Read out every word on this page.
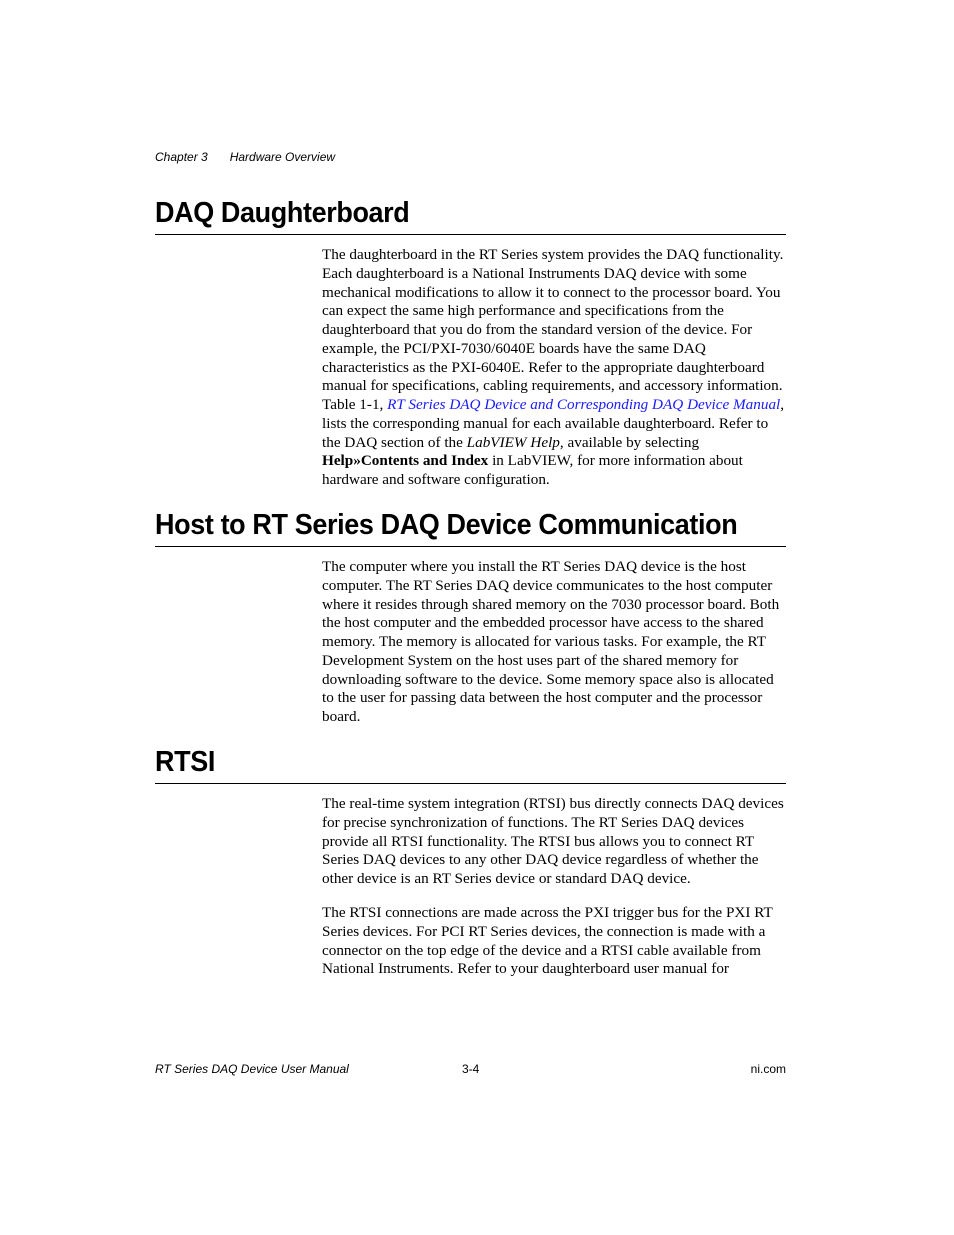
Chapter 3 Hardware Overview
DAQ Daughterboard

The daughterboard in the RT Series system provides the DAQ functionality. Each daughterboard is a National Instruments DAQ device with some mechanical modifications to allow it to connect to the processor board. You can expect the same high performance and specifications from the daughterboard that you do from the standard version of the device. For example, the PCI/PXI-7030/6040E boards have the same DAQ characteristics as the PXI-6040E. Refer to the appropriate daughterboard manual for specifications, cabling requirements, and accessory information. Table 1-1, RT Series DAQ Device and Corresponding DAQ Device Manual, lists the corresponding manual for each available daughterboard. Refer to the DAQ section of the LabVIEW Help, available by selecting Help»Contents and Index in LabVIEW, for more information about hardware and software configuration.

Host to RT Series DAQ Device Communication

The computer where you install the RT Series DAQ device is the host computer. The RT Series DAQ device communicates to the host computer where it resides through shared memory on the 7030 processor board. Both the host computer and the embedded processor have access to the shared memory. The memory is allocated for various tasks. For example, the RT Development System on the host uses part of the shared memory for downloading software to the device. Some memory space also is allocated to the user for passing data between the host computer and the processor board.

RTSI

The real-time system integration (RTSI) bus directly connects DAQ devices for precise synchronization of functions. The RT Series DAQ devices provide all RTSI functionality. The RTSI bus allows you to connect RT Series DAQ devices to any other DAQ device regardless of whether the other device is an RT Series device or standard DAQ device.

The RTSI connections are made across the PXI trigger bus for the PXI RT Series devices. For PCI RT Series devices, the connection is made with a connector on the top edge of the device and a RTSI cable available from National Instruments. Refer to your daughterboard user manual for

RT Series DAQ Device User Manual	3-4	ni.com
